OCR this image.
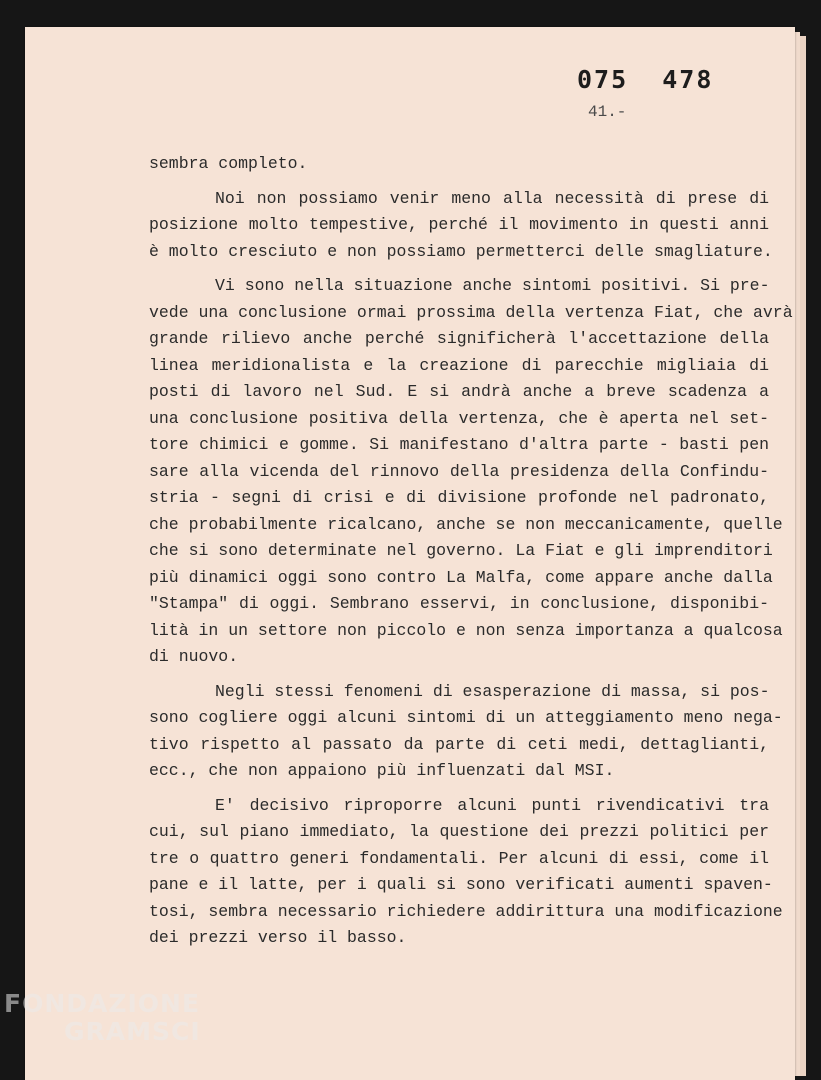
075  478

41.-

sembra completo.
Noi non possiamo venir meno alla necessità di prese di
posizione molto tempestive, perché il movimento in questi anni
è molto cresciuto e non possiamo permetterci delle smagliature.
Vi sono nella situazione anche sintomi positivi. Si pre-
vede una conclusione ormai prossima della vertenza Fiat, che avrà
grande rilievo anche perché significherà l'accettazione della
linea meridionalista e la creazione di parecchie migliaia di
posti di lavoro nel Sud. E si andrà anche a breve scadenza a
una conclusione positiva della vertenza, che è aperta nel set-
tore chimici e gomme. Si manifestano d'altra parte - basti pen
sare alla vicenda del rinnovo della presidenza della Confindu-
stria - segni di crisi e di divisione profonde nel padronato,
che probabilmente ricalcano, anche se non meccanicamente, quelle
che si sono determinate nel governo. La Fiat e gli imprenditori
più dinamici oggi sono contro La Malfa, come appare anche dalla
"Stampa" di oggi. Sembrano esservi, in conclusione, disponibi-
lità in un settore non piccolo e non senza importanza a qualcosa
di nuovo.
Negli stessi fenomeni di esasperazione di massa, si pos-
sono cogliere oggi alcuni sintomi di un atteggiamento meno nega-
tivo rispetto al passato da parte di ceti medi, dettaglianti,
ecc., che non appaiono più influenzati dal MSI.
E' decisivo riproporre alcuni punti rivendicativi tra
cui, sul piano immediato, la questione dei prezzi politici per
tre o quattro generi fondamentali. Per alcuni di essi, come il
pane e il latte, per i quali si sono verificati aumenti spaven-
tosi, sembra necessario richiedere addirittura una modificazione
dei prezzi verso il basso.
FONDAZIONE
GRAMSCI
